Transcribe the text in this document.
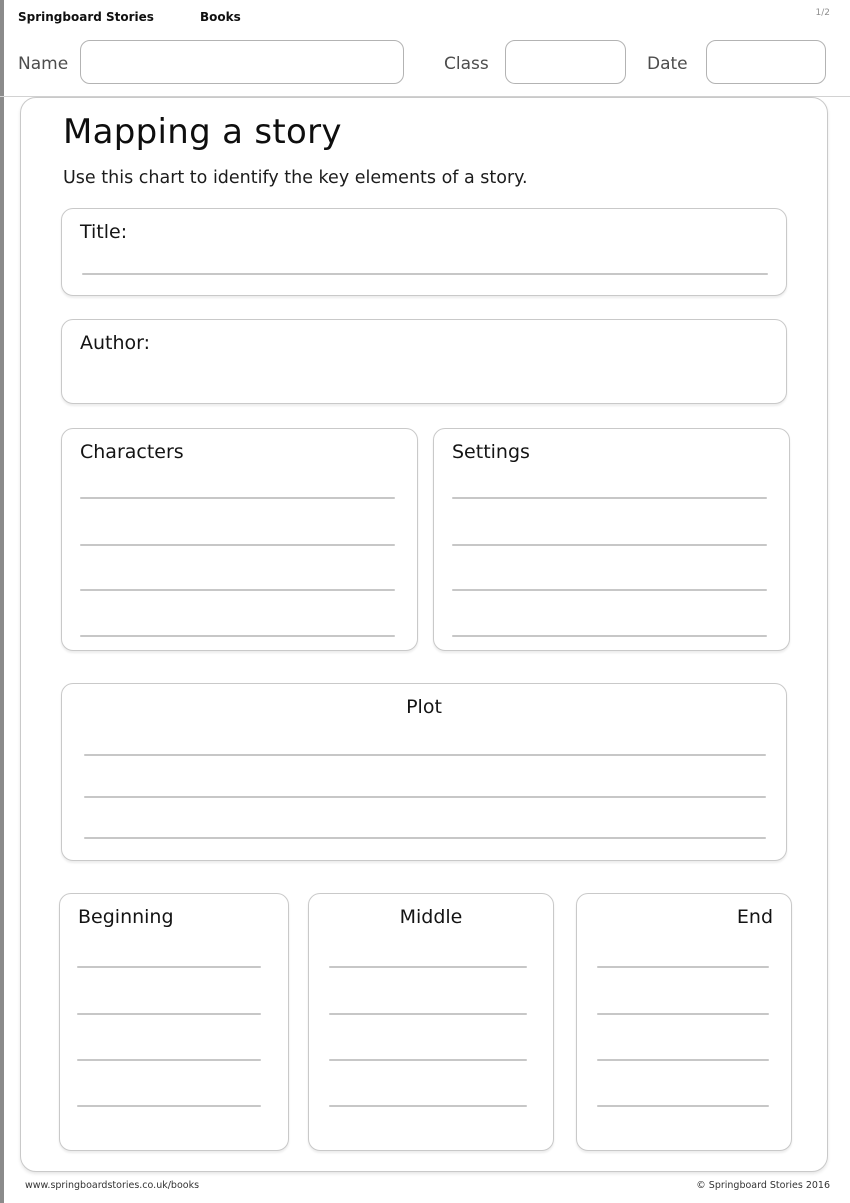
Springboard Stories	Books	1/2
Name	Class	Date
Mapping a story
Use this chart to identify the key elements of a story.
Title:
Author:
Characters	Settings
Plot
Beginning	Middle	End
www.springboardstories.co.uk/books	© Springboard Stories 2016
